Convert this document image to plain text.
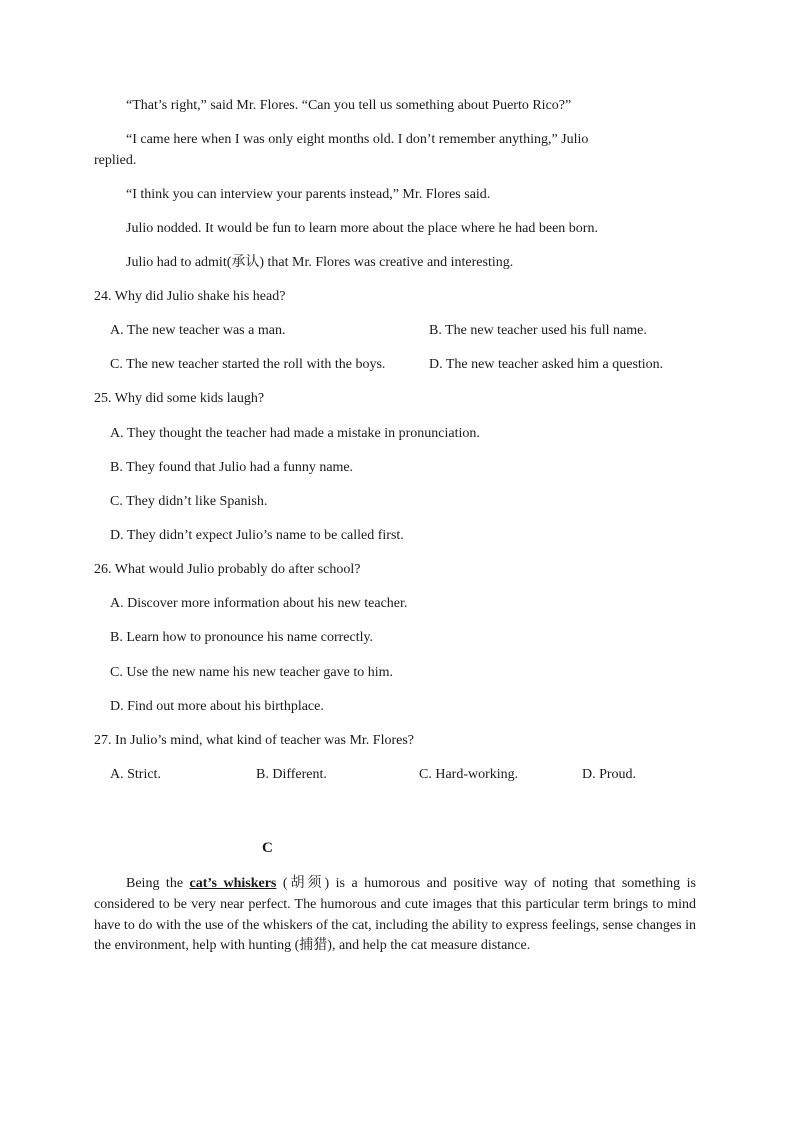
“That’s right,” said Mr. Flores. “Can you tell us something about Puerto Rico?”
“I came here when I was only eight months old. I don’t remember anything,” Julio
replied.
“I think you can interview your parents instead,” Mr. Flores said.
Julio nodded. It would be fun to learn more about the place where he had been born.
Julio had to admit(承认) that Mr. Flores was creative and interesting.
24. Why did Julio shake his head?
A. The new teacher was a man.	B. The new teacher used his full name.
C. The new teacher started the roll with the boys.	D. The new teacher asked him a question.
25. Why did some kids laugh?
A. They thought the teacher had made a mistake in pronunciation.
B. They found that Julio had a funny name.
C. They didn’t like Spanish.
D. They didn’t expect Julio’s name to be called first.
26. What would Julio probably do after school?
A. Discover more information about his new teacher.
B. Learn how to pronounce his name correctly.
C. Use the new name his new teacher gave to him.
D. Find out more about his birthplace.
27. In Julio’s mind, what kind of teacher was Mr. Flores?
A. Strict.	B. Different.	C. Hard-working.	D. Proud.
C
Being the cat’s whiskers (胡须) is a humorous and positive way of noting that something is considered to be very near perfect. The humorous and cute images that this particular term brings to mind have to do with the use of the whiskers of the cat, including the ability to express feelings, sense changes in the environment, help with hunting (捕猎), and help the cat measure distance.
